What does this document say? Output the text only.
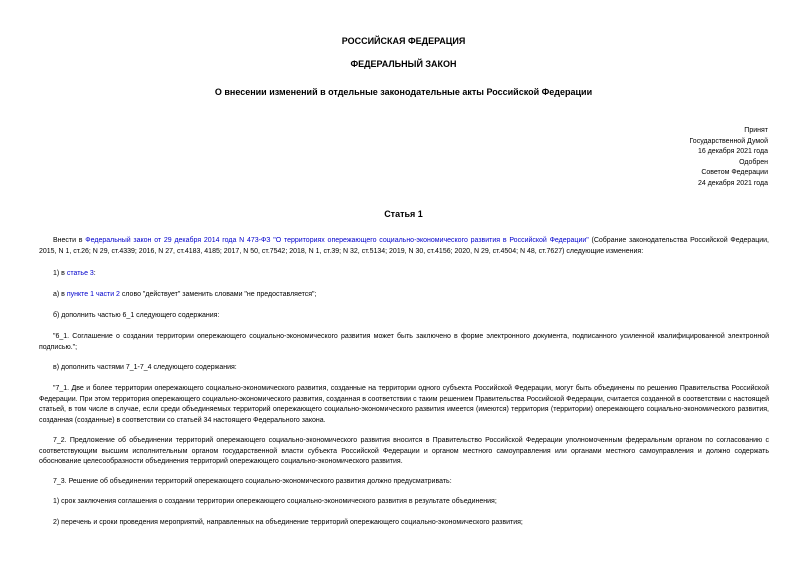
РОССИЙСКАЯ ФЕДЕРАЦИЯ
ФЕДЕРАЛЬНЫЙ ЗАКОН
О внесении изменений в отдельные законодательные акты Российской Федерации
Принят
Государственной Думой
16 декабря 2021 года
Одобрен
Советом Федерации
24 декабря 2021 года
Статья 1

Внести в Федеральный закон от 29 декабря 2014 года N 473-ФЗ "О территориях опережающего социально-экономического развития в Российской Федерации" (Собрание законодательства Российской Федерации, 2015, N 1, ст.26; N 29, ст.4339; 2016, N 27, ст.4183, 4185; 2017, N 50, ст.7542; 2018, N 1, ст.39; N 32, ст.5134; 2019, N 30, ст.4156; 2020, N 29, ст.4504; N 48, ст.7627) следующие изменения:

1) в статье 3:

а) в пункте 1 части 2 слово "действует" заменить словами "не предоставляется";

б) дополнить частью 6_1 следующего содержания:

"6_1. Соглашение о создании территории опережающего социально-экономического развития может быть заключено в форме электронного документа, подписанного усиленной квалифицированной электронной подписью.";

в) дополнить частями 7_1-7_4 следующего содержания:

"7_1. Две и более территории опережающего социально-экономического развития, созданные на территории одного субъекта Российской Федерации, могут быть объединены по решению Правительства Российской Федерации. При этом территория опережающего социально-экономического развития, созданная в соответствии с таким решением Правительства Российской Федерации, считается созданной в соответствии с настоящей статьей, в том числе в случае, если среди объединяемых территорий опережающего социально-экономического развития имеется (имеются) территория (территории) опережающего социально-экономического развития, созданная (созданные) в соответствии со статьей 34 настоящего Федерального закона.

7_2. Предложение об объединении территорий опережающего социально-экономического развития вносится в Правительство Российской Федерации уполномоченным федеральным органом по согласованию с соответствующим высшим исполнительным органом государственной власти субъекта Российской Федерации и органом местного самоуправления или органами местного самоуправления и должно содержать обоснование целесообразности объединения территорий опережающего социально-экономического развития.

7_3. Решение об объединении территорий опережающего социально-экономического развития должно предусматривать:

1) срок заключения соглашения о создании территории опережающего социально-экономического развития в результате объединения;

2) перечень и сроки проведения мероприятий, направленных на объединение территорий опережающего социально-экономического развития;
